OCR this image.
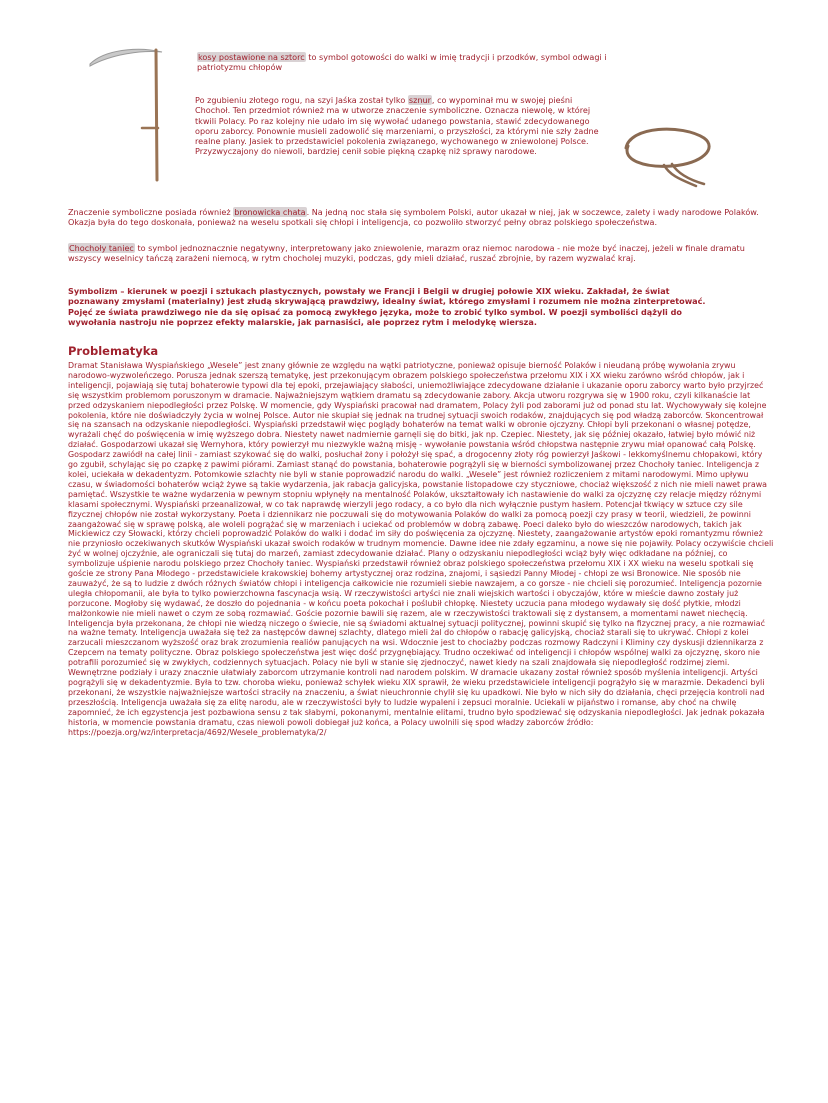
kosy postawione na sztorc to symbol gotowości do walki w imię tradycji i przodków, symbol odwagi i patriotyzmu chłopów

Po zgubieniu złotego rogu, na szyi Jaśka został tylko sznur, co wypominał mu w swojej pieśni Chochoł. Ten przedmiot również ma w utworze znaczenie symboliczne. Oznacza niewolę, w której tkwili Polacy. Po raz kolejny nie udało im się wywołać udanego powstania, stawić zdecydowanego oporu zaborcy. Ponownie musieli zadowolić się marzeniami, o przyszłości, za którymi nie szły żadne realne plany. Jasiek to przedstawiciel pokolenia związanego, wychowanego w zniewolonej Polsce. Przyzwyczajony do niewoli, bardziej cenił sobie piękną czapkę niż sprawy narodowe.

Znaczenie symboliczne posiada również bronowicka chata. Na jedną noc stała się symbolem Polski, autor ukazał w niej, jak w soczewce, zalety i wady narodowe Polaków. Okazja była do tego doskonała, ponieważ na weselu spotkali się chłopi i inteligencja, co pozwoliło stworzyć pełny obraz polskiego społeczeństwa.

Chochoły taniec to symbol jednoznacznie negatywny, interpretowany jako zniewolenie, marazm oraz niemoc narodowa - nie może być inaczej, jeżeli w finale dramatu wszyscy weselnicy tańczą zarażeni niemocą, w rytm chocholej muzyki, podczas, gdy mieli działać, ruszać zbrojnie, by razem wyzwalać kraj.

Symbolizm – kierunek w poezji i sztukach plastycznych, powstały we Francji i Belgii w drugiej połowie XIX wieku. Zakładał, że świat poznawany zmysłami (materialny) jest złudą skrywającą prawdziwy, idealny świat, którego zmysłami i rozumem nie można zinterpretować. Pojęć ze świata prawdziwego nie da się opisać za pomocą zwykłego języka, może to zrobić tylko symbol. W poezji symboliści dążyli do wywołania nastroju nie poprzez efekty malarskie, jak parnasiści, ale poprzez rytm i melodykę wiersza.

Problematyka

Dramat Stanisława Wyspiańskiego „Wesele” jest znany głównie ze względu na wątki patriotyczne, ponieważ opisuje bierność Polaków i nieudaną próbę wywołania zrywu narodowo-wyzwoleńczego. Porusza jednak szerszą tematykę, jest przekonującym obrazem polskiego społeczeństwa przełomu XIX i XX wieku zarówno wśród chłopów, jak i inteligencji, pojawiają się tutaj bohaterowie typowi dla tej epoki, przejawiający słabości, uniemożliwiające zdecydowane działanie i ukazanie oporu zaborcy warto było przyjrzeć się wszystkim problemom poruszonym w dramacie. Najważniejszym wątkiem dramatu są zdecydowanie zabory. Akcja utworu rozgrywa się w 1900 roku, czyli kilkanaście lat przed odzyskaniem niepodległości przez Polskę. W momencie, gdy Wyspiański pracował nad dramatem, Polacy żyli pod zaborami już od ponad stu lat. Wychowywały się kolejne pokolenia, które nie doświadczyły życia w wolnej Polsce. Autor nie skupiał się jednak na trudnej sytuacji swoich rodaków, znajdujących się pod władzą zaborców. Skoncentrował się na szansach na odzyskanie niepodległości. Wyspiański przedstawił więc poglądy bohaterów na temat walki w obronie ojczyzny. Chłopi byli przekonani o własnej potędze, wyrażali chęć do poświęcenia w imię wyższego dobra. Niestety nawet nadmiernie garnęli się do bitki, jak np. Czepiec. Niestety, jak się później okazało, łatwiej było mówić niż działać. Gospodarzowi ukazał się Wernyhora, który powierzył mu niezwykle ważną misję - wywołanie powstania wśród chłopstwa następnie zrywu miał opanować całą Polskę. Gospodarz zawiódł na całej linii - zamiast szykować się do walki, posłuchał żony i położył się spać, a drogocenny złoty róg powierzył Jaśkowi - lekkomyślnemu chłopakowi, który go zgubił, schylając się po czapkę z pawimi piórami. Zamiast stanąć do powstania, bohaterowie pogrążyli się w bierności symbolizowanej przez Chochoły taniec. Inteligencja z kolei, uciekała w dekadentyzm. Potomkowie szlachty nie byli w stanie poprowadzić narodu do walki. „Wesele” jest również rozliczeniem z mitami narodowymi. Mimo upływu czasu, w świadomości bohaterów wciąż żywe są takie wydarzenia, jak rabacja galicyjska, powstanie listopadowe czy styczniowe, chociaż większość z nich nie mieli nawet prawa pamiętać. Wszystkie te ważne wydarzenia w pewnym stopniu wpłynęły na mentalność Polaków, ukształtowały ich nastawienie do walki za ojczyznę czy relacje między różnymi klasami społecznymi. Wyspiański przeanalizował, w co tak naprawdę wierzyli jego rodacy, a co było dla nich wyłącznie pustym hasłem. Potencjał tkwiący w sztuce czy sile fizycznej chłopów nie został wykorzystany. Poeta i dziennikarz nie poczuwali się do motywowania Polaków do walki za pomocą poezji czy prasy w teorii, wiedzieli, że powinni zaangażować się w sprawę polską, ale woleli pogrążać się w marzeniach i uciekać od problemów w dobrą zabawę. Poeci daleko było do wieszczów narodowych, takich jak Mickiewicz czy Słowacki, którzy chcieli poprowadzić Polaków do walki i dodać im siły do poświęcenia za ojczyznę. Niestety, zaangażowanie artystów epoki romantyzmu również nie przyniosło oczekiwanych skutków Wyspiański ukazał swoich rodaków w trudnym momencie. Dawne idee nie zdały egzaminu, a nowe się nie pojawiły. Polacy oczywiście chcieli żyć w wolnej ojczyźnie, ale ograniczali się tutaj do marzeń, zamiast zdecydowanie działać. Plany o odzyskaniu niepodległości wciąż były więc odkładane na później, co symbolizuje uśpienie narodu polskiego przez Chochoły taniec. Wyspiański przedstawił również obraz polskiego społeczeństwa przełomu XIX i XX wieku na weselu spotkali się goście ze strony Pana Młodego - przedstawiciele krakowskiej bohemy artystycznej oraz rodzina, znajomi, i sąsiedzi Panny Młodej - chłopi ze wsi Bronowice. Nie sposób nie zauważyć, że są to ludzie z dwóch różnych światów chłopi i inteligencja całkowicie nie rozumieli siebie nawzajem, a co gorsze - nie chcieli się porozumieć. Inteligencja pozornie uległa chłopomanii, ale była to tylko powierzchowna fascynacja wsią. W rzeczywistości artyści nie znali wiejskich wartości i obyczajów, które w mieście dawno zostały już porzucone. Mogłoby się wydawać, że doszło do pojednania - w końcu poeta pokochał i poślubił chłopkę. Niestety uczucia pana młodego wydawały się dość płytkie, młodzi małżonkowie nie mieli nawet o czym ze sobą rozmawiać. Goście pozornie bawili się razem, ale w rzeczywistości traktowali się z dystansem, a momentami nawet niechęcią. Inteligencja była przekonana, że chłopi nie wiedzą niczego o świecie, nie są świadomi aktualnej sytuacji politycznej, powinni skupić się tylko na fizycznej pracy, a nie rozmawiać na ważne tematy. Inteligencja uważała się też za następców dawnej szlachty, dlatego mieli żal do chłopów o rabację galicyjską, chociaż starali się to ukrywać. Chłopi z kolei zarzucali mieszczanom wyższość oraz brak zrozumienia realiów panujących na wsi. Wdocznie jest to chociażby podczas rozmowy Radczyni i Kliminy czy dyskusji dziennikarza z Czepcem na tematy polityczne. Obraz polskiego społeczeństwa jest więc dość przygnębiający. Trudno oczekiwać od inteligencji i chłopów wspólnej walki za ojczyznę, skoro nie potrafili porozumieć się w zwykłych, codziennych sytuacjach. Polacy nie byli w stanie się zjednoczyć, nawet kiedy na szali znajdowała się niepodległość rodzimej ziemi. Wewnętrzne podziały i urazy znacznie ułatwiały zaborcom utrzymanie kontroli nad narodem polskim. W dramacie ukazany został również sposób myślenia inteligencji. Artyści pogrążyli się w dekadentyzmie. Była to tzw. choroba wieku, ponieważ schyłek wieku XIX sprawił, że wieku przedstawiciele inteligencji pogrążyło się w marazmie. Dekadenci byli przekonani, że wszystkie najważniejsze wartości straciły na znaczeniu, a świat nieuchronnie chylił się ku upadkowi. Nie było w nich siły do działania, chęci przejęcia kontroli nad przeszłością. Inteligencja uważała się za elitę narodu, ale w rzeczywistości były to ludzie wypaleni i zepsuci moralnie. Uciekali w pijaństwo i romanse, aby choć na chwilę zapomnieć, że ich egzystencja jest pozbawiona sensu z tak słabymi, pokonanymi, mentalnie elitami, trudno było spodziewać się odzyskania niepodległości. Jak jednak pokazała historia, w momencie powstania dramatu, czas niewoli powoli dobiegał już końca, a Polacy uwolnili się spod władzy zaborców źródło: https://poezja.org/wz/interpretacja/4692/Wesele_problematyka/2/
